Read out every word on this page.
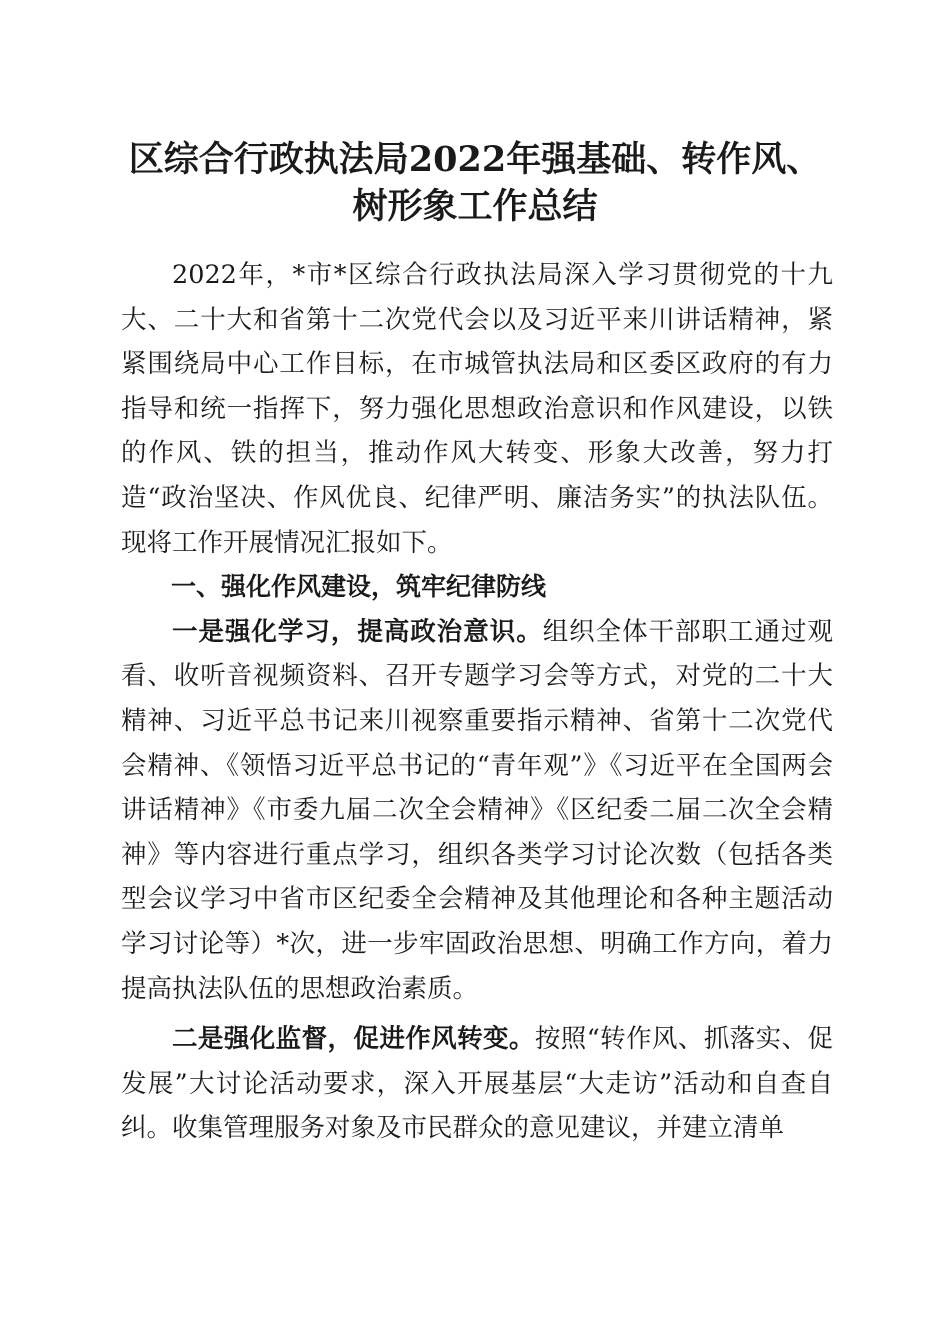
区综合行政执法局2022年强基础、转作风、
树形象工作总结

2022年，*市*区综合行政执法局深入学习贯彻党的十九大、二十大和省第十二次党代会以及习近平来川讲话精神，紧紧围绕局中心工作目标，在市城管执法局和区委区政府的有力指导和统一指挥下，努力强化思想政治意识和作风建设，以铁的作风、铁的担当，推动作风大转变、形象大改善，努力打造“政治坚决、作风优良、纪律严明、廉洁务实”的执法队伍。现将工作开展情况汇报如下。

一、强化作风建设，筑牢纪律防线

一是强化学习，提高政治意识。组织全体干部职工通过观看、收听音视频资料、召开专题学习会等方式，对党的二十大精神、习近平总书记来川视察重要指示精神、省第十二次党代会精神、《领悟习近平总书记的“青年观”》《习近平在全国两会讲话精神》《市委九届二次全会精神》《区纪委二届二次全会精神》等内容进行重点学习，组织各类学习讨论次数（包括各类型会议学习中省市区纪委全会精神及其他理论和各种主题活动学习讨论等）*次，进一步牢固政治思想、明确工作方向，着力提高执法队伍的思想政治素质。

二是强化监督，促进作风转变。按照“转作风、抓落实、促发展”大讨论活动要求，深入开展基层“大走访”活动和自查自纠。收集管理服务对象及市民群众的意见建议，并建立清单
